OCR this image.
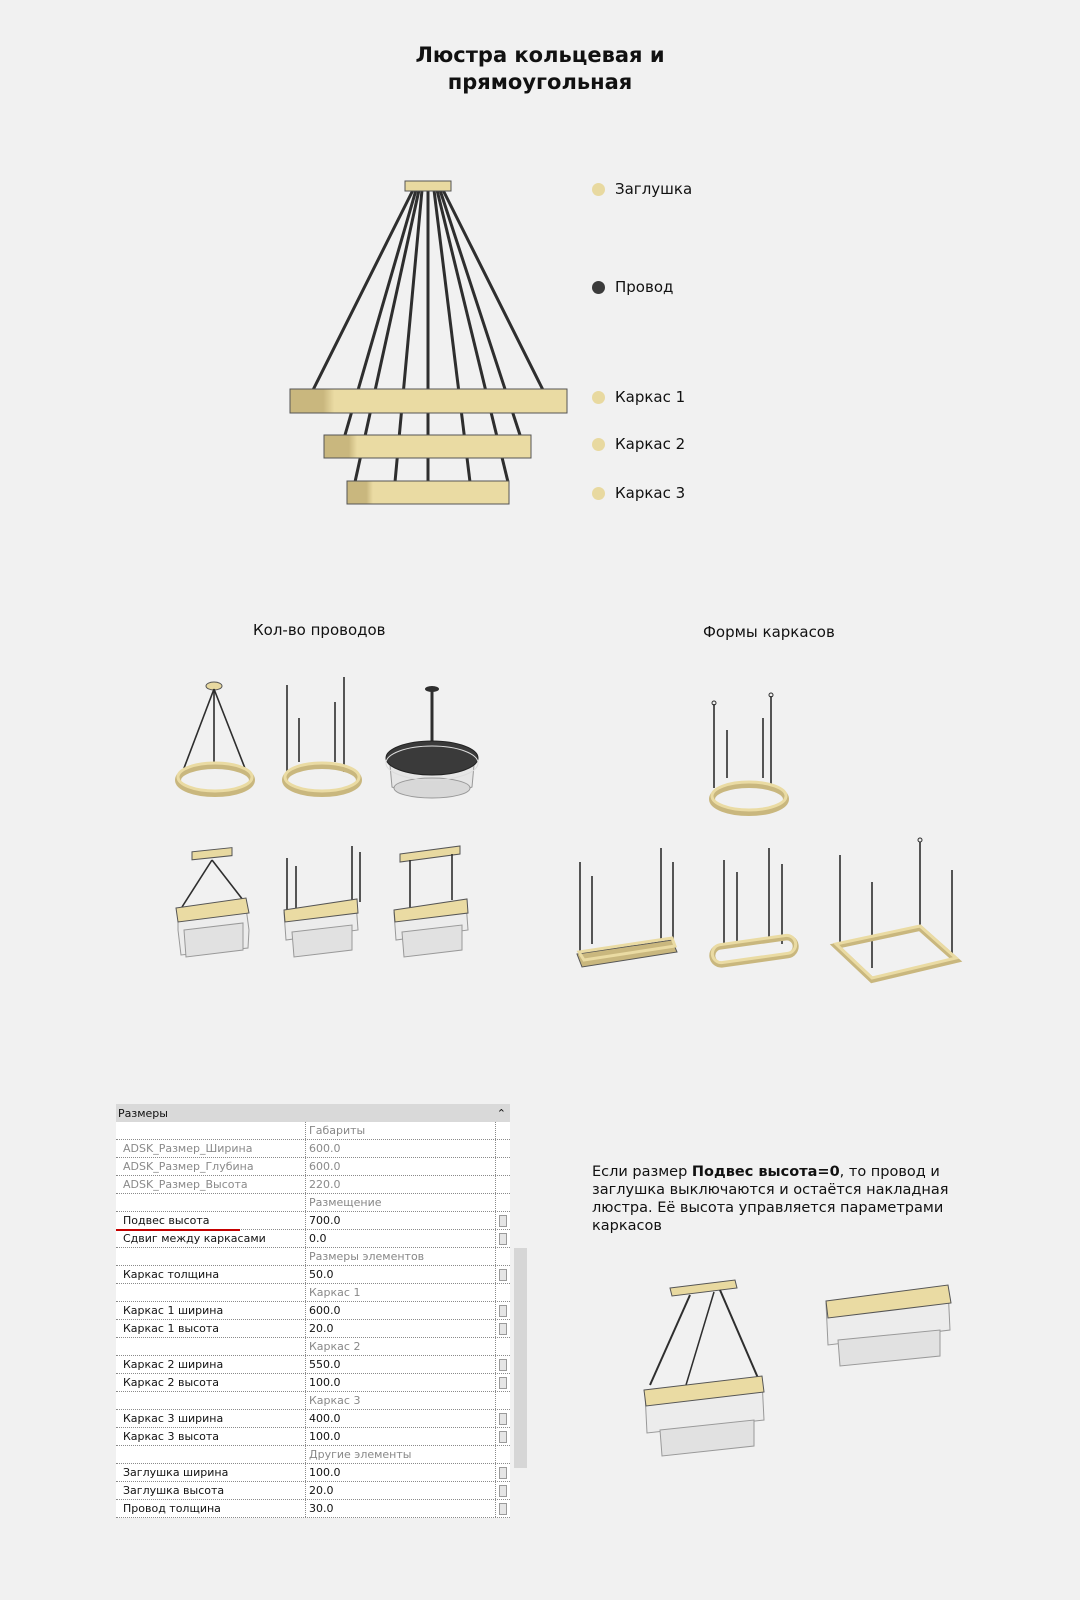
Люстра кольцевая и
прямоугольная
Заглушка
Провод
Каркас 1
Каркас 2
Каркас 3
Кол-во проводов	Формы каркасов
Размеры	⌃
Габариты
ADSK_Размер_Ширина	600.0
ADSK_Размер_Глубина	600.0
ADSK_Размер_Высота	220.0
Размещение
Подвес высота	700.0
Сдвиг между каркасами	0.0
Размеры элементов
Каркас толщина	50.0
Каркас 1
Каркас 1 ширина	600.0
Каркас 1 высота	20.0
Каркас 2
Каркас 2 ширина	550.0
Каркас 2 высота	100.0
Каркас 3
Каркас 3 ширина	400.0
Каркас 3 высота	100.0
Другие элементы
Заглушка ширина	100.0
Заглушка высота	20.0
Провод толщина	30.0
Если размер Подвес высота=0, то провод и заглушка выключаются и остаётся накладная люстра. Её высота управляется параметрами каркасов
